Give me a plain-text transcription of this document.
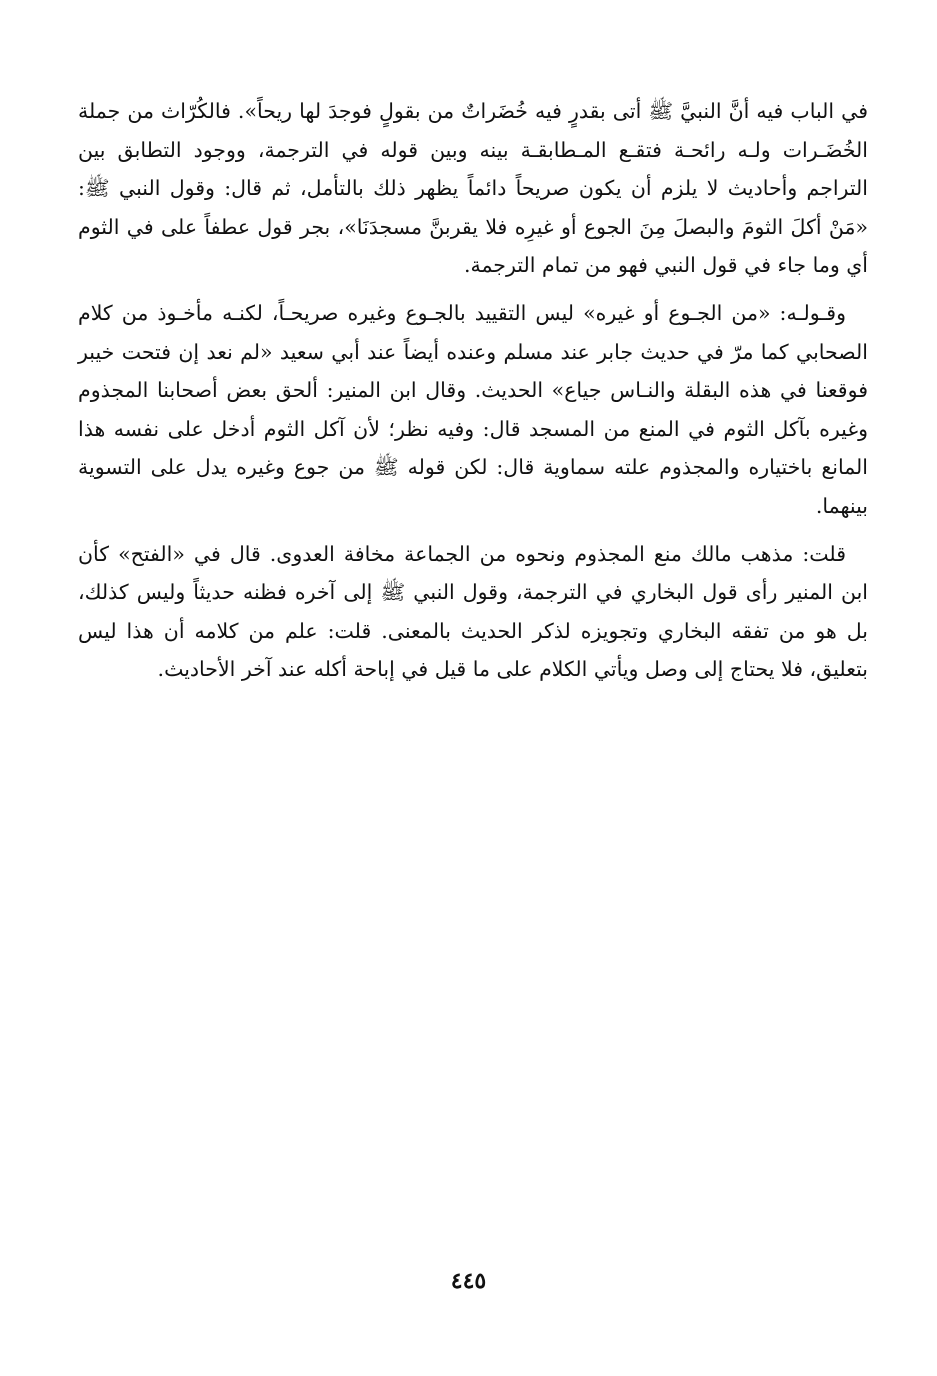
في الباب فيه أنَّ النبيَّ ﷺ أتى بقدرٍ فيه خُضَراتٌ من بقولٍ فوجدَ لها ريحاً». فالكُرّاث من جملة الخُضَـرات ولـه رائحـة فتقـع المـطابقـة بينه وبين قوله في الترجمة، ووجود التطابق بين التراجم وأحاديث لا يلزم أن يكون صريحاً دائماً يظهر ذلك بالتأمل، ثم قال: وقول النبي ﷺ: «مَنْ أكلَ الثومَ والبصلَ مِنَ الجوع أو غيرِه فلا يقربنَّ مسجدَنَا»، بجر قول عطفاً على في الثوم أي وما جاء في قول النبي فهو من تمام الترجمة.

وقـولـه: «من الجـوع أو غيره» ليس التقييد بالجـوع وغيره صريحـاً، لكنـه مأخـوذ من كلام الصحابي كما مرّ في حديث جابر عند مسلم وعنده أيضاً عند أبي سعيد «لم نعد إن فتحت خيبر فوقعنا في هذه البقلة والنـاس جياع» الحديث. وقال ابن المنير: ألحق بعض أصحابنا المجذوم وغيره بآكل الثوم في المنع من المسجد قال: وفيه نظر؛ لأن آكل الثوم أدخل على نفسه هذا المانع باختياره والمجذوم علته سماوية قال: لكن قوله ﷺ من جوع وغيره يدل على التسوية بينهما.

قلت: مذهب مالك منع المجذوم ونحوه من الجماعة مخافة العدوى. قال في «الفتح» كأن ابن المنير رأى قول البخاري في الترجمة، وقول النبي ﷺ إلى آخره فظنه حديثاً وليس كذلك، بل هو من تفقه البخاري وتجويزه لذكر الحديث بالمعنى. قلت: علم من كلامه أن هذا ليس بتعليق، فلا يحتاج إلى وصل ويأتي الكلام على ما قيل في إباحة أكله عند آخر الأحاديث.

٤٤٥
